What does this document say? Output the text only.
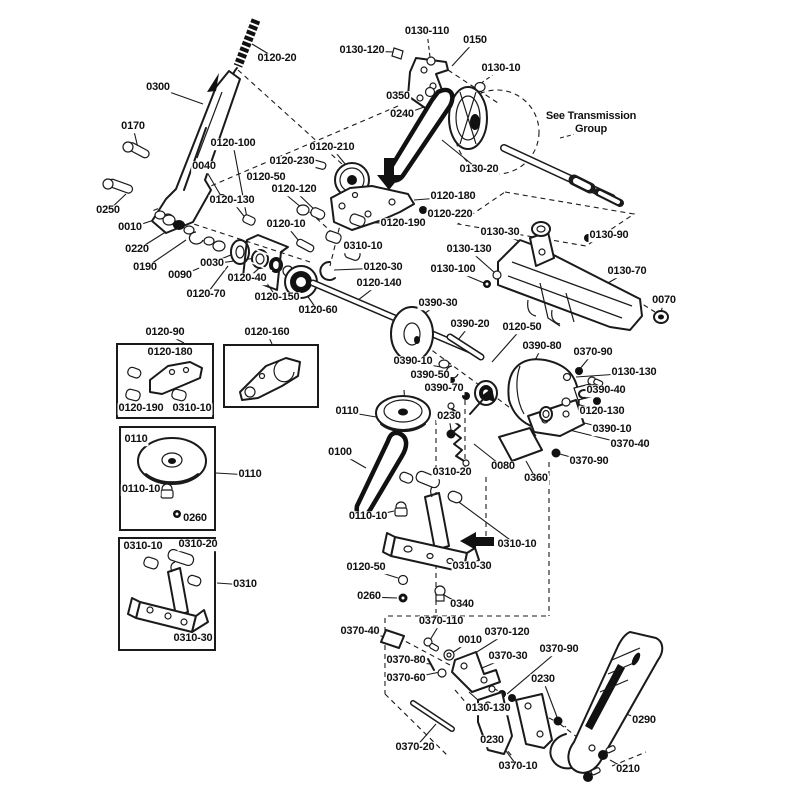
0120-20
0130-110
0150
0130-120
0130-10
0350
0240	See Transmission
Group
0300
0170
0120-100
0040
0120-210
0120-230
0120-50
0120-120
0250
0010
0120-130
0220
0190
0090
0030
0120-10
0120-40
0120-70	0120-150
0120-60
0120-30
0120-140
0310-10
0120-190
0120-180
0120-220
0130-20
0130-30	0130-90
0130-130
0130-100	0130-70
0070
0390-30
0390-20 0120-50
0390-80 0370-90
0390-10
0390-50
0390-70
0130-130
0390-40
0120-130
0390-10
0370-40
0370-90
0110	0230
0100
0080
0360
0310-20
0110-10
0310-10
0310-30
0120-50
0260
0340
0370-110
0370-40
0010
0370-120
0370-30
0370-90
0370-80
0370-60	0230
0130-130
0290
0370-20
0230
0370-10	0210
0120-90	0120-160
0120-180
0120-190 0310-10
0110
0110-10
0260
0110
0310-10 0310-20
0310-30
0310
